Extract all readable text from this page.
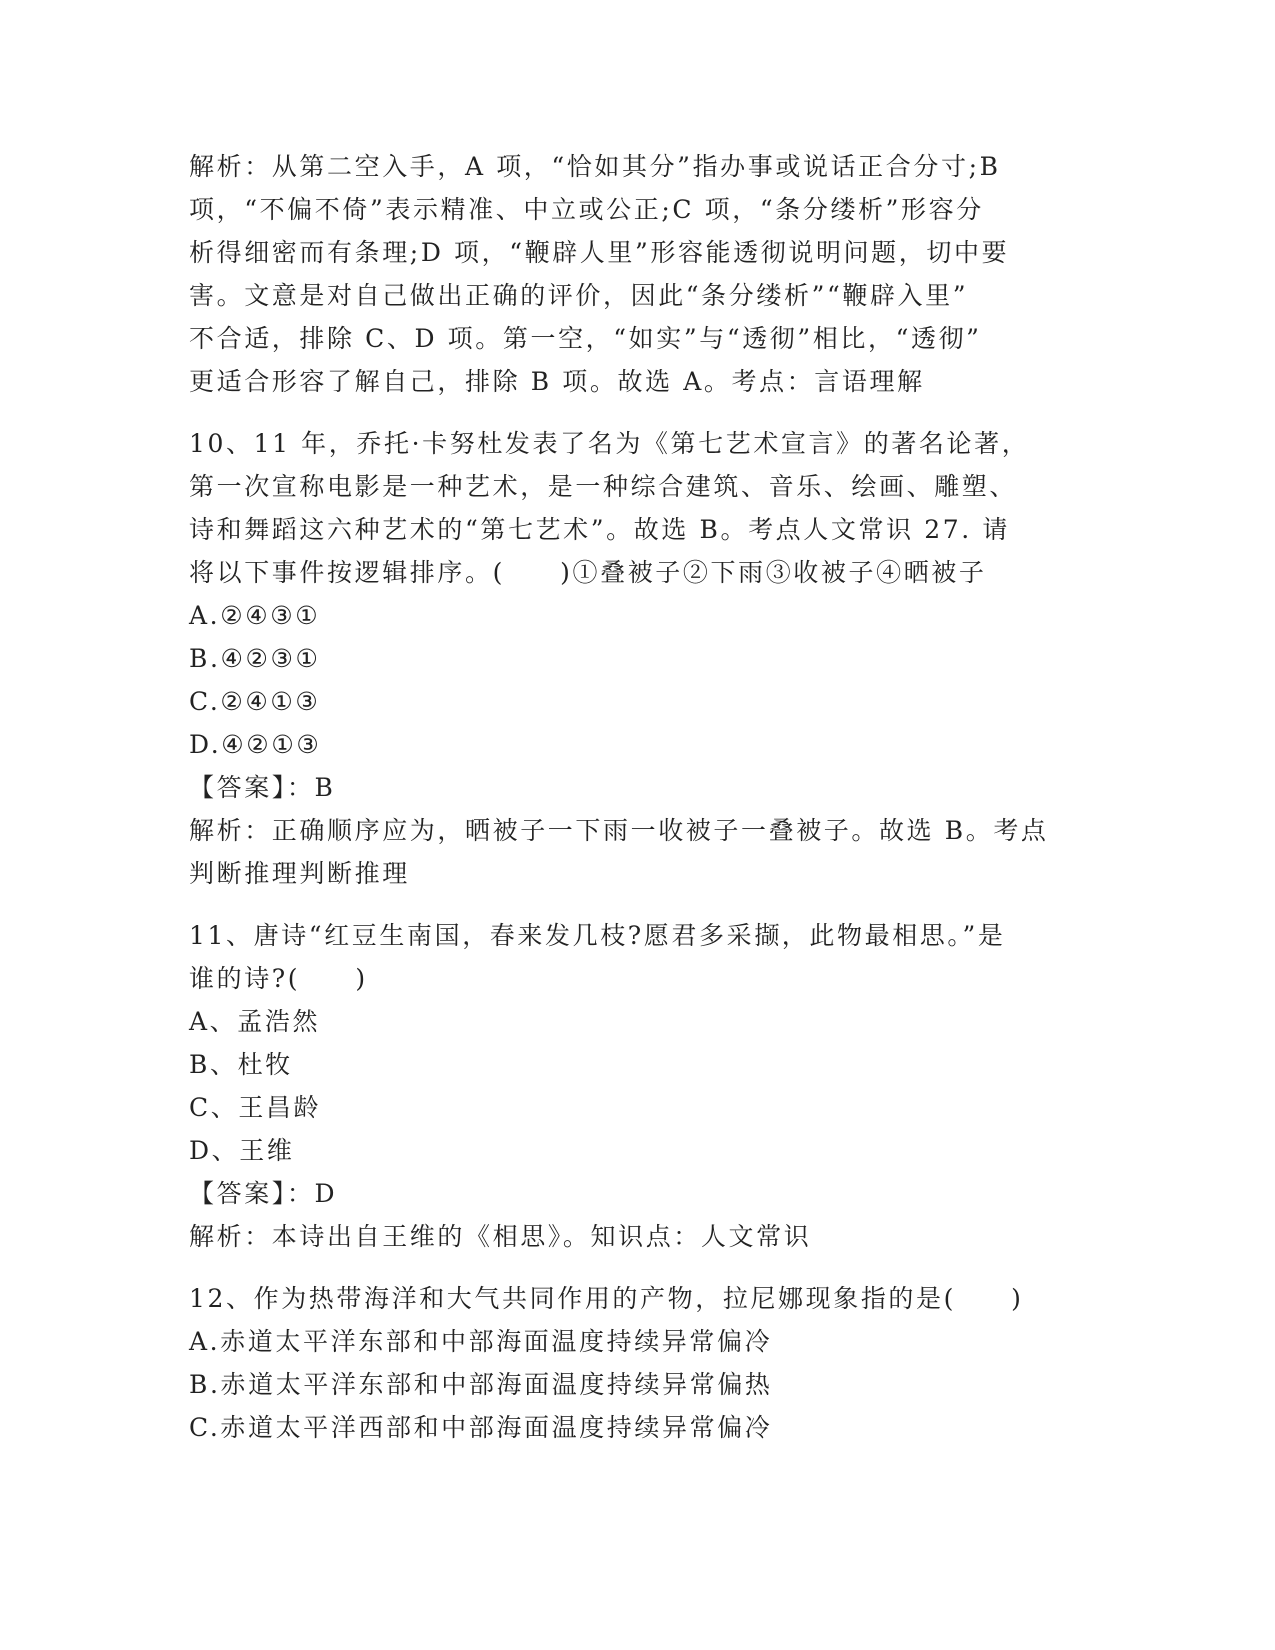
解析：从第二空入手，A 项，“恰如其分”指办事或说话正合分寸;B
项，“不偏不倚”表示精准、中立或公正;C 项，“条分缕析”形容分
析得细密而有条理;D 项，“鞭辟人里”形容能透彻说明问题，切中要
害。文意是对自己做出正确的评价，因此“条分缕析”“鞭辟入里”
不合适，排除 C、D 项。第一空，“如实”与“透彻”相比，“透彻”
更适合形容了解自己，排除 B 项。故选 A。考点：言语理解
10、11 年，乔托·卡努杜发表了名为《第七艺术宣言》的著名论著，
第一次宣称电影是一种艺术，是一种综合建筑、音乐、绘画、雕塑、
诗和舞蹈这六种艺术的“第七艺术”。故选 B。考点人文常识 27. 请
将以下事件按逻辑排序。(　　)①叠被子②下雨③收被子④晒被子
A.②④③①
B.④②③①
C.②④①③
D.④②①③
【答案】：B
解析：正确顺序应为，晒被子一下雨一收被子一叠被子。故选 B。考点
判断推理判断推理
11、唐诗“红豆生南国，春来发几枝?愿君多采撷，此物最相思。”是
谁的诗?(　　)
A、孟浩然
B、杜牧
C、王昌龄
D、王维
【答案】：D
解析：本诗出自王维的《相思》。知识点：人文常识
12、作为热带海洋和大气共同作用的产物，拉尼娜现象指的是(　　)
A.赤道太平洋东部和中部海面温度持续异常偏冷
B.赤道太平洋东部和中部海面温度持续异常偏热
C.赤道太平洋西部和中部海面温度持续异常偏冷
